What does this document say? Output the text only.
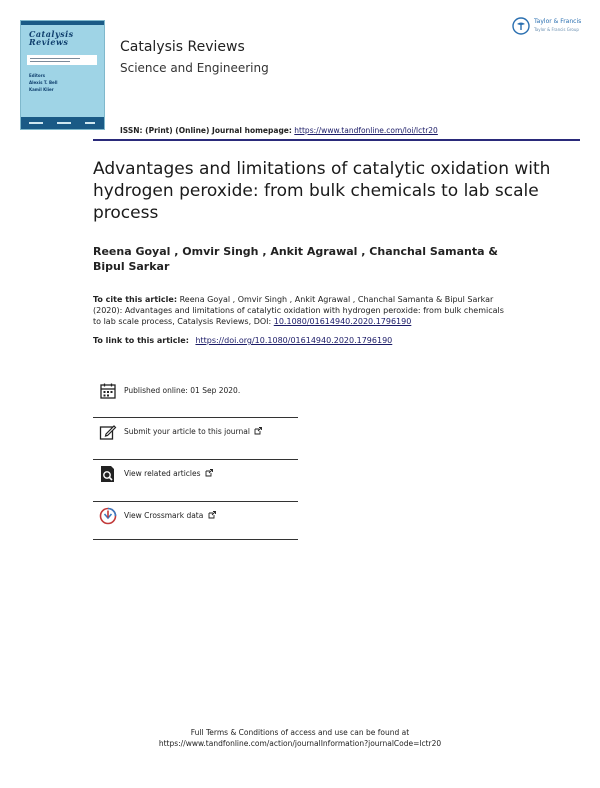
Catalysis
Reviews
Editors
Alexis T. Bell
Kamil Klier
Catalysis Reviews
Science and Engineering
Taylor & Francis
Taylor & Francis Group
ISSN: (Print) (Online) Journal homepage: https://www.tandfonline.com/loi/lctr20
Advantages and limitations of catalytic oxidation with hydrogen peroxide: from bulk chemicals to lab scale process
Reena Goyal , Omvir Singh , Ankit Agrawal , Chanchal Samanta & Bipul Sarkar
To cite this article: Reena Goyal , Omvir Singh , Ankit Agrawal , Chanchal Samanta & Bipul Sarkar (2020): Advantages and limitations of catalytic oxidation with hydrogen peroxide: from bulk chemicals to lab scale process, Catalysis Reviews, DOI: 10.1080/01614940.2020.1796190
To link to this article: https://doi.org/10.1080/01614940.2020.1796190
Published online: 01 Sep 2020.
Submit your article to this journal
View related articles
View Crossmark data
Full Terms & Conditions of access and use can be found at
https://www.tandfonline.com/action/journalInformation?journalCode=lctr20
